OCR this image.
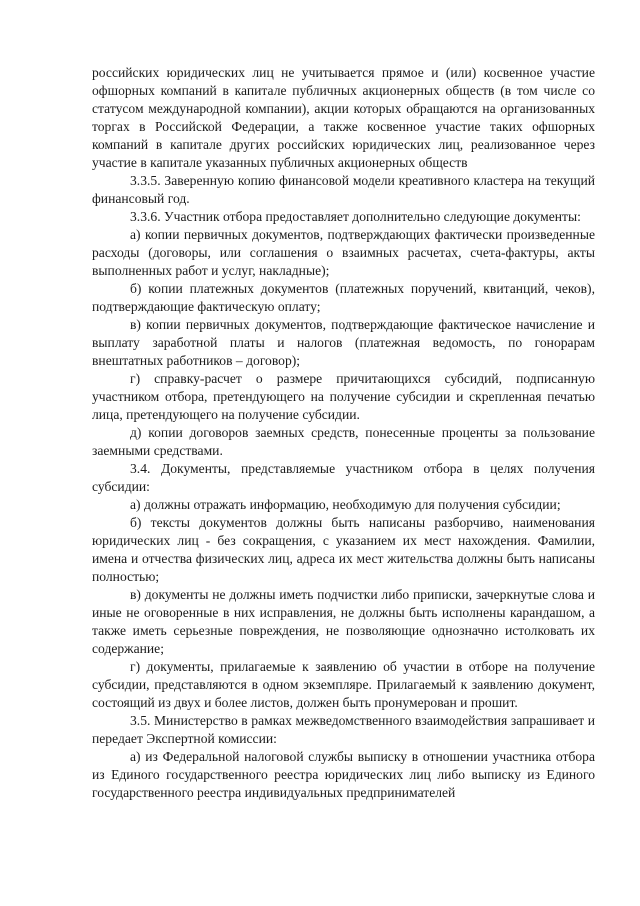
российских юридических лиц не учитывается прямое и (или) косвенное участие офшорных компаний в капитале публичных акционерных обществ (в том числе со статусом международной компании), акции которых обращаются на организованных торгах в Российской Федерации, а также косвенное участие таких офшорных компаний в капитале других российских юридических лиц, реализованное через участие в капитале указанных публичных акционерных обществ

3.3.5. Заверенную копию финансовой модели креативного кластера на текущий финансовый год.

3.3.6. Участник отбора предоставляет дополнительно следующие документы:

а) копии первичных документов, подтверждающих фактически произведенные расходы (договоры, или соглашения о взаимных расчетах, счета-фактуры, акты выполненных работ и услуг, накладные);

б) копии платежных документов (платежных поручений, квитанций, чеков), подтверждающие фактическую оплату;

в) копии первичных документов, подтверждающие фактическое начисление и выплату заработной платы и налогов (платежная ведомость, по гонорарам внештатных работников – договор);

г) справку-расчет о размере причитающихся субсидий, подписанную участником отбора, претендующего на получение субсидии и скрепленная печатью лица, претендующего на получение субсидии.

д) копии договоров заемных средств, понесенные проценты за пользование заемными средствами.

3.4. Документы, представляемые участником отбора в целях получения субсидии:

а) должны отражать информацию, необходимую для получения субсидии;

б) тексты документов должны быть написаны разборчиво, наименования юридических лиц - без сокращения, с указанием их мест нахождения. Фамилии, имена и отчества физических лиц, адреса их мест жительства должны быть написаны полностью;

в) документы не должны иметь подчистки либо приписки, зачеркнутые слова и иные не оговоренные в них исправления, не должны быть исполнены карандашом, а также иметь серьезные повреждения, не позволяющие однозначно истолковать их содержание;

г) документы, прилагаемые к заявлению об участии в отборе на получение субсидии, представляются в одном экземпляре. Прилагаемый к заявлению документ, состоящий из двух и более листов, должен быть пронумерован и прошит.

3.5. Министерство в рамках межведомственного взаимодействия запрашивает и передает Экспертной комиссии:

а) из Федеральной налоговой службы выписку в отношении участника отбора из Единого государственного реестра юридических лиц либо выписку из Единого государственного реестра индивидуальных предпринимателей
